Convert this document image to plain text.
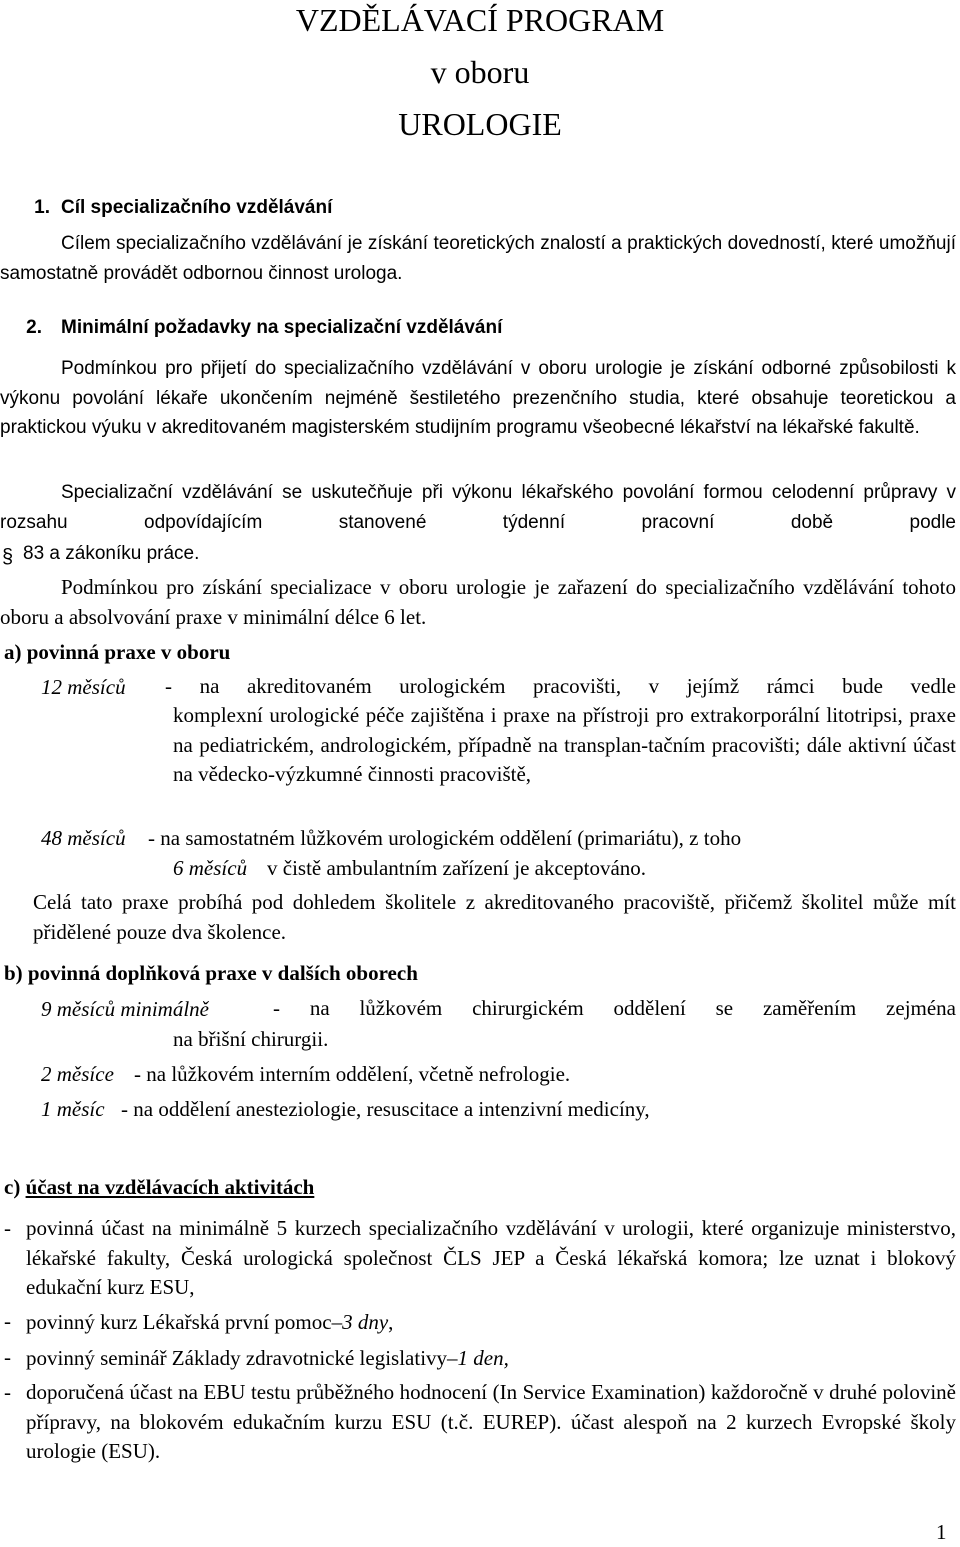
VZDĚLÁVACÍ PROGRAM
v oboru
UROLOGIE
1. Cíl specializačního vzdělávání
Cílem specializačního vzdělávání je získání teoretických znalostí a praktických dovedností, které umožňují samostatně provádět odbornou činnost urologa.
2. Minimální požadavky na specializační vzdělávání
Podmínkou pro přijetí do specializačního vzdělávání v oboru urologie je získání odborné způsobilosti k výkonu povolání lékaře ukončením nejméně šestiletého prezenčního studia, které obsahuje teoretickou a praktickou výuku v akreditovaném magisterském studijním programu všeobecné lékařství na lékařské fakultě.
Specializační vzdělávání se uskutečňuje při výkonu lékařského povolání formou celodenní průpravy v rozsahu odpovídajícím stanovené týdenní pracovní době podle
§ 83 a zákoníku práce.
Podmínkou pro získání specializace v oboru urologie je zařazení do specializačního vzdělávání tohoto oboru a absolvování praxe v minimální délce 6 let.
a) povinná praxe v oboru
12 měsíců - na akreditovaném urologickém pracovišti, v jejímž rámci bude vedle
komplexní urologické péče zajištěna i praxe na přístroji pro extrakorporální litotripsi, praxe na pediatrickém, andrologickém, případně na transplan-tačním pracovišti; dále aktivní účast na vědecko-výzkumné činnosti pracoviště,
48 měsíců - na samostatném lůžkovém urologickém oddělení (primariátu), z toho
6 měsíců v čistě ambulantním zařízení je akceptováno.
Celá tato praxe probíhá pod dohledem školitele z akreditovaného pracoviště, přičemž školitel může mít přidělené pouze dva školence.
b) povinná doplňková praxe v dalších oborech
9 měsíců minimálně	- na lůžkovém chirurgickém oddělení se zaměřením zejména
na břišní chirurgii.
2 měsíce - na lůžkovém interním oddělení, včetně nefrologie.
1 měsíc - na oddělení anesteziologie, resuscitace a intenzivní medicíny,
c) účast na vzdělávacích aktivitách
- povinná účast na minimálně 5 kurzech specializačního vzdělávání v urologii, které organizuje ministerstvo, lékařské fakulty, Česká urologická společnost ČLS JEP a Česká lékařská komora; lze uznat i blokový edukační kurz ESU,
- povinný kurz Lékařská první pomoc–3 dny,
- povinný seminář Základy zdravotnické legislativy–1 den,
- doporučená účast na EBU testu průběžného hodnocení (In Service Examination) každoročně v druhé polovině přípravy, na blokovém edukačním kurzu ESU (t.č. EUREP). účast alespoň na 2 kurzech Evropské školy urologie (ESU).
1
